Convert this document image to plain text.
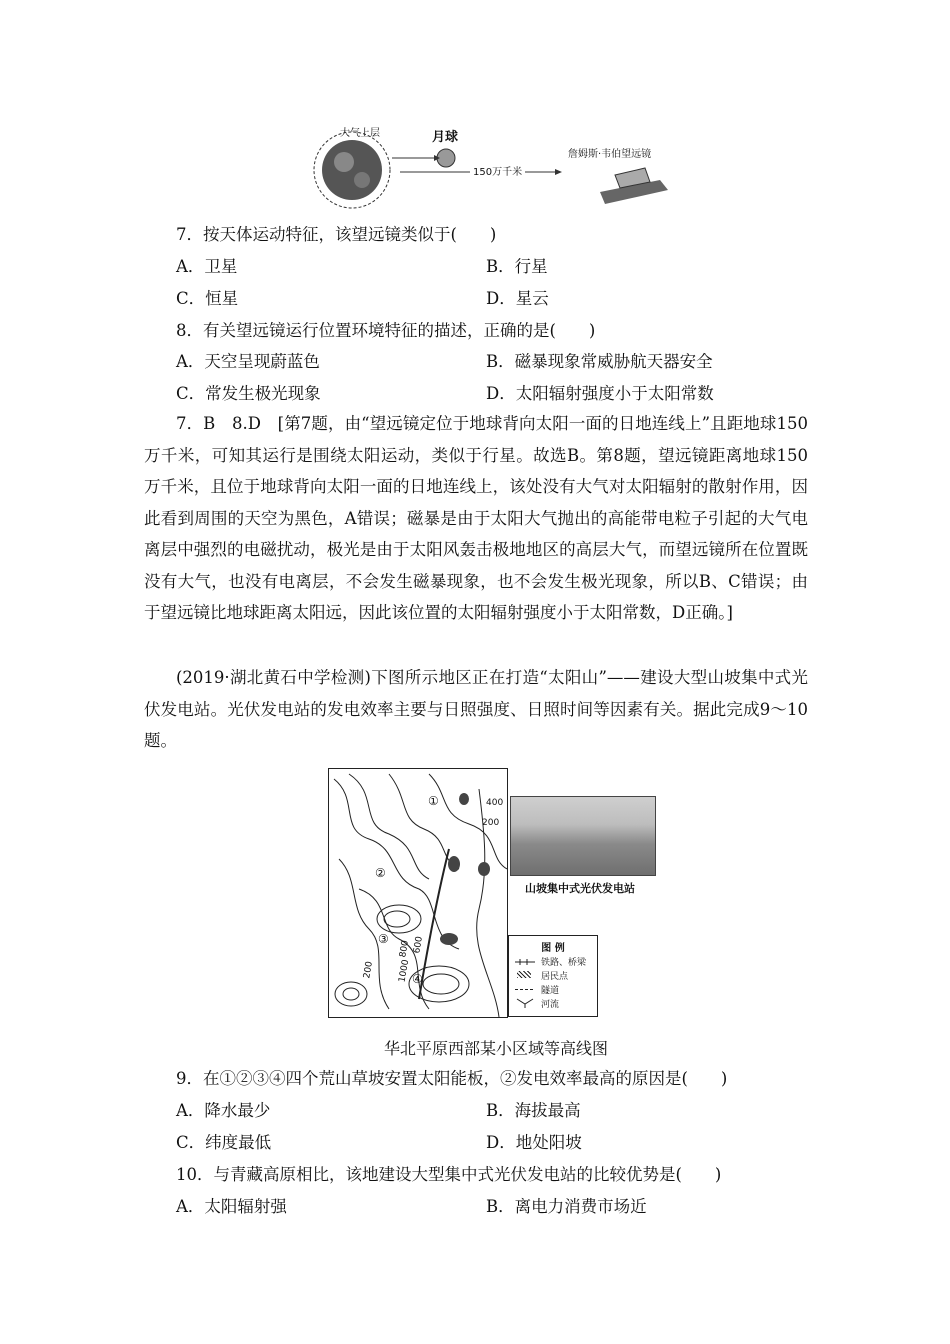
大气上层	月球
150万千米
詹姆斯·韦伯望远镜
7．按天体运动特征，该望远镜类似于(　　)
A．卫星	B．行星
C．恒星	D．星云
8．有关望远镜运行位置环境特征的描述，正确的是(　　)
A．天空呈现蔚蓝色	B．磁暴现象常威胁航天器安全
C．常发生极光现象	D．太阳辐射强度小于太阳常数
7．B　8.D　[第7题，由“望远镜定位于地球背向太阳一面的日地连线上”且距地球150万千米，可知其运行是围绕太阳运动，类似于行星。故选B。第8题，望远镜距离地球150万千米，且位于地球背向太阳一面的日地连线上，该处没有大气对太阳辐射的散射作用，因此看到周围的天空为黑色，A错误；磁暴是由于太阳大气抛出的高能带电粒子引起的大气电离层中强烈的电磁扰动，极光是由于太阳风轰击极地地区的高层大气，而望远镜所在位置既没有大气，也没有电离层，不会发生磁暴现象，也不会发生极光现象，所以B、C错误；由于望远镜比地球距离太阳远，因此该位置的太阳辐射强度小于太阳常数，D正确。]
(2019·湖北黄石中学检测)下图所示地区正在打造“太阳山”——建设大型山坡集中式光伏发电站。光伏发电站的发电效率主要与日照强度、日照时间等因素有关。据此完成9～10题。
①
②
③
④
400
200
600
800
1000
200
山坡集中式光伏发电站
图 例
铁路、桥梁
居民点
隧道
河流
华北平原西部某小区域等高线图
9．在①②③④四个荒山草坡安置太阳能板，②发电效率最高的原因是(　　)
A．降水最少	B．海拔最高
C．纬度最低	D．地处阳坡
10．与青藏高原相比，该地建设大型集中式光伏发电站的比较优势是(　　)
A．太阳辐射强	B．离电力消费市场近
